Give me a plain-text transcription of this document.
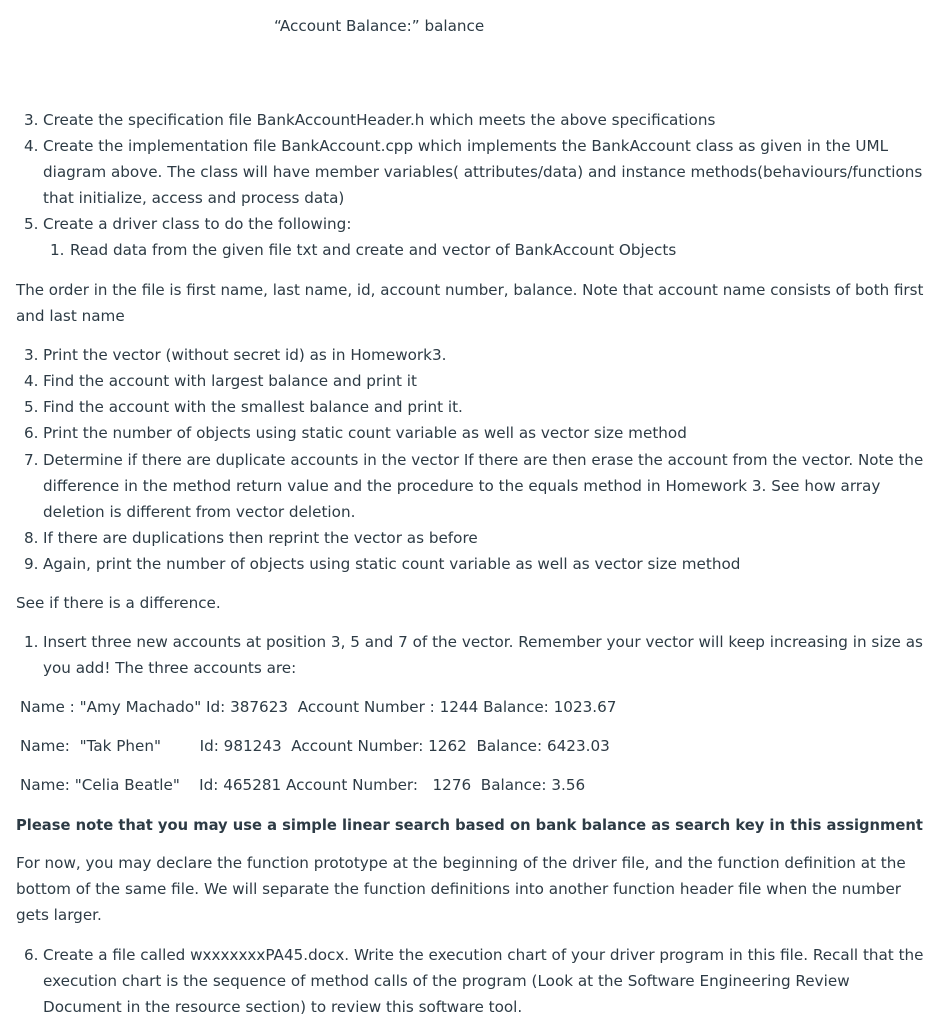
“Account Balance:” balance
3. Create the specification file BankAccountHeader.h which meets the above specifications
4. Create the implementation file BankAccount.cpp which implements the BankAccount class as given in the UML
diagram above. The class will have member variables( attributes/data) and instance methods(behaviours/functions
that initialize, access and process data)
5. Create a driver class to do the following:
1. Read data from the given file txt and create and vector of BankAccount Objects
The order in the file is first name, last name, id, account number, balance. Note that account name consists of both first
and last name
3. Print the vector (without secret id) as in Homework3.
4. Find the account with largest balance and print it
5. Find the account with the smallest balance and print it.
6. Print the number of objects using static count variable as well as vector size method
7. Determine if there are duplicate accounts in the vector If there are then erase the account from the vector. Note the
difference in the method return value and the procedure to the equals method in Homework 3. See how array
deletion is different from vector deletion.
8. If there are duplications then reprint the vector as before
9. Again, print the number of objects using static count variable as well as vector size method
See if there is a difference.
1. Insert three new accounts at position 3, 5 and 7 of the vector. Remember your vector will keep increasing in size as
you add! The three accounts are:
Name : "Amy Machado" Id: 387623  Account Number : 1244 Balance: 1023.67
Name:  "Tak Phen"        Id: 981243  Account Number: 1262  Balance: 6423.03
Name: "Celia Beatle"    Id: 465281 Account Number:   1276  Balance: 3.56
Please note that you may use a simple linear search based on bank balance as search key in this assignment
For now, you may declare the function prototype at the beginning of the driver file, and the function definition at the
bottom of the same file. We will separate the function definitions into another function header file when the number
gets larger.
6. Create a file called wxxxxxxxPA45.docx. Write the execution chart of your driver program in this file. Recall that the
execution chart is the sequence of method calls of the program (Look at the Software Engineering Review
Document in the resource section) to review this software tool.
